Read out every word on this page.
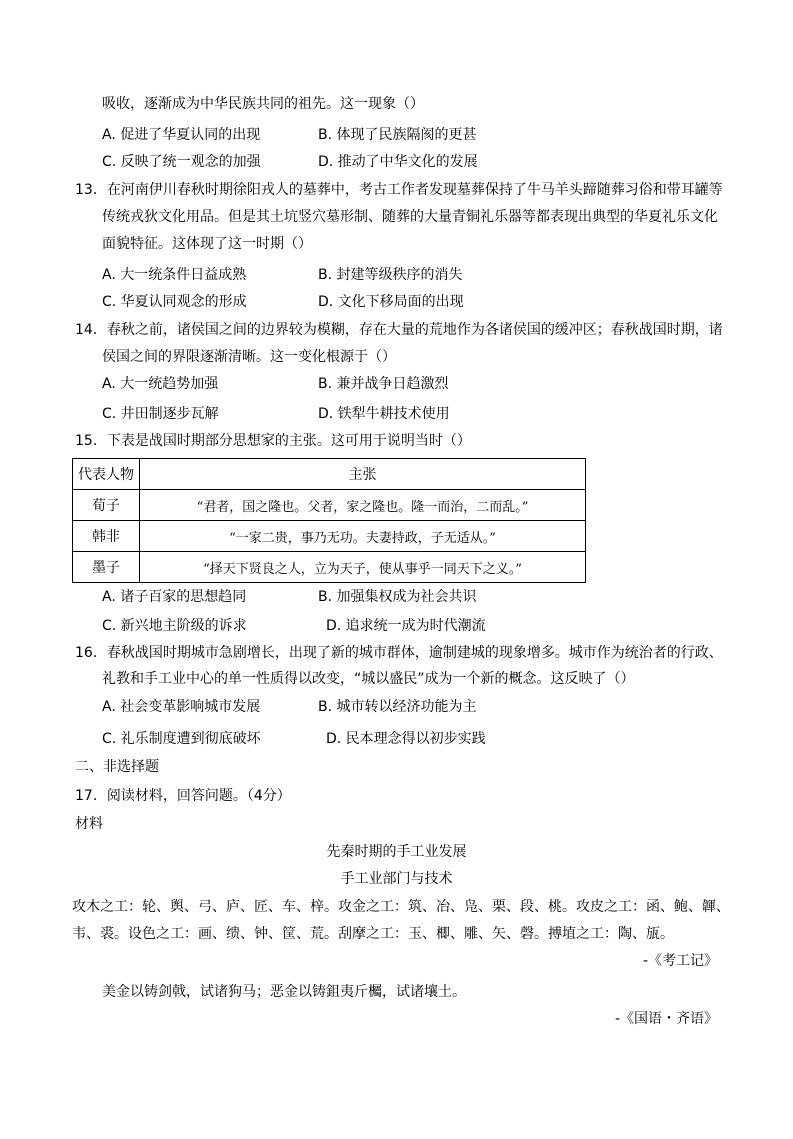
吸收，逐渐成为中华民族共同的祖先。这一现象（）
A. 促进了华夏认同的出现	B. 体现了民族隔阂的更甚
C. 反映了统一观念的加强	D. 推动了中华文化的发展
13．在河南伊川春秋时期徐阳戎人的墓葬中，考古工作者发现墓葬保持了牛马羊头蹄随葬习俗和带耳罐等
传统戎狄文化用品。但是其土坑竖穴墓形制、随葬的大量青铜礼乐器等都表现出典型的华夏礼乐文化
面貌特征。这体现了这一时期（）
A. 大一统条件日益成熟	B. 封建等级秩序的消失
C. 华夏认同观念的形成	D. 文化下移局面的出现
14．春秋之前，诸侯国之间的边界较为模糊，存在大量的荒地作为各诸侯国的缓冲区；春秋战国时期，诸
侯国之间的界限逐渐清晰。这一变化根源于（）
A. 大一统趋势加强	B. 兼并战争日趋激烈
C. 井田制逐步瓦解	D. 铁犁牛耕技术使用
15．下表是战国时期部分思想家的主张。这可用于说明当时（）
代表人物	主张
荀子	“君者，国之隆也。父者，家之隆也。隆一而治，二而乱。”
韩非	“一家二贵，事乃无功。夫妻持政，子无适从。”
墨子	“择天下贤良之人，立为天子，使从事乎一同天下之义。”
A. 诸子百家的思想趋同	B. 加强集权成为社会共识
C. 新兴地主阶级的诉求	D. 追求统一成为时代潮流
16．春秋战国时期城市急剧增长，出现了新的城市群体，逾制建城的现象增多。城市作为统治者的行政、
礼教和手工业中心的单一性质得以改变，“城以盛民”成为一个新的概念。这反映了（）
A. 社会变革影响城市发展	B. 城市转以经济功能为主
C. 礼乐制度遭到彻底破坏	D. 民本理念得以初步实践
二、非选择题
17．阅读材料，回答问题。（4分）
材料
先秦时期的手工业发展
手工业部门与技术
攻木之工：轮、舆、弓、庐、匠、车、梓。攻金之工：筑、冶、凫、栗、段、桃。攻皮之工：函、鲍、韗、
韦、裘。设色之工：画、缋、钟、筐、荒。刮摩之工：玉、楖、雕、矢、磬。搏埴之工：陶、瓬。
-《考工记》
美金以铸剑戟，试诸狗马；恶金以铸鉏夷斤欘，试诸壤土。
-《国语・齐语》
